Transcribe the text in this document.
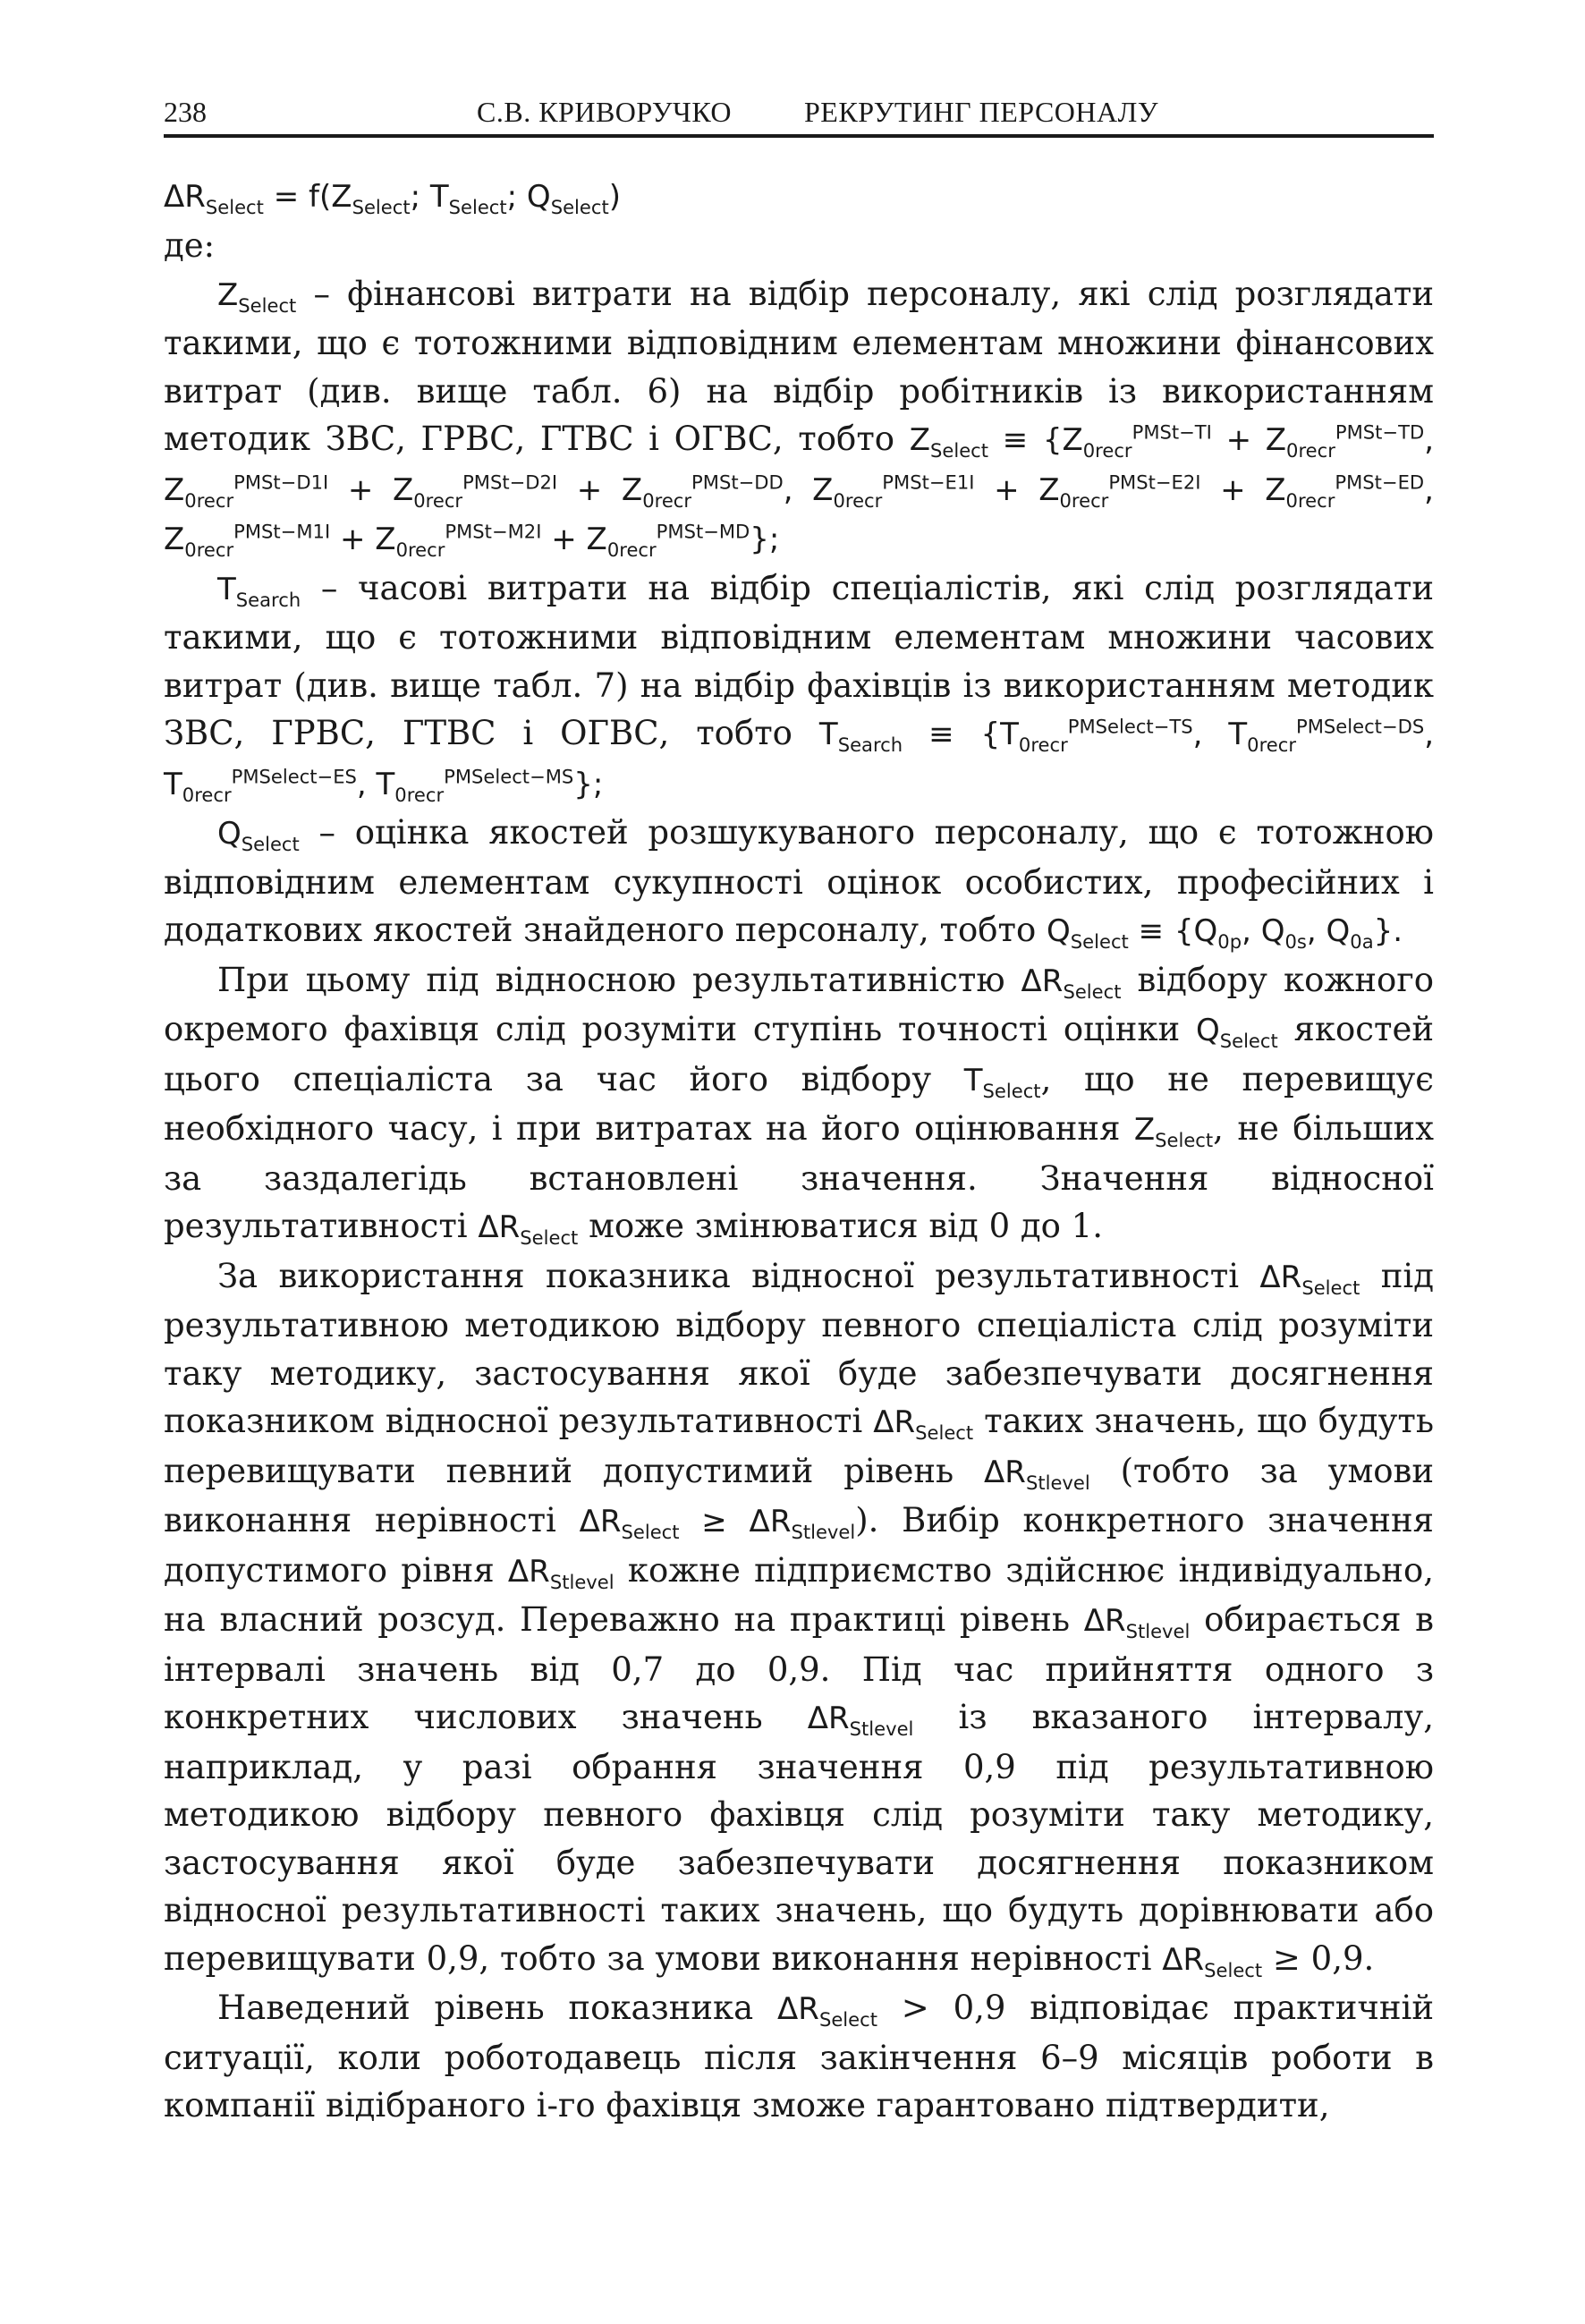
238	С.В. КРИВОРУЧКО	РЕКРУТИНГ ПЕРСОНАЛУ

$\Delta R_{Select} = f(Z_{Select}$; $T_{Select}$; $Q_{Select}$)

де:

$Z_{Select}$ – фінансові витрати на відбір персоналу, які слід розглядати такими, що є тотожними відповідним елементам множини фінансових витрат (див. вище табл. 6) на відбір робітників із використанням методик ЗВС, ГРВС, ГТВС і ОГВС, тобто $Z_{Select} \equiv \{Z_{0recr}^{PMSt-TI} + Z_{0recr}^{PMSt-TD}$, $Z_{0recr}^{PMSt-D1I} + Z_{0recr}^{PMSt-D2I} + Z_{0recr}^{PMSt-DD}$, $Z_{0recr}^{PMSt-E1I} + Z_{0recr}^{PMSt-E2I} + Z_{0recr}^{PMSt-ED}$, $Z_{0recr}^{PMSt-M1I} + Z_{0recr}^{PMSt-M2I} + Z_{0recr}^{PMSt-MD}$};

$T_{Search}$ – часові витрати на відбір спеціалістів, які слід розглядати такими, що є тотожними відповідним елементам множини часових витрат (див. вище табл. 7) на відбір фахівців із використанням методик ЗВС, ГРВС, ГТВС і ОГВС, тобто $T_{Search} \equiv \{T_{0recr}^{PMSelect-TS}$, $T_{0recr}^{PMSelect-DS}$, $T_{0recr}^{PMSelect-ES}$, $T_{0recr}^{PMSelect-MS}$};

$Q_{Select}$ – оцінка якостей розшукуваного персоналу, що є тотожною відповідним елементам сукупності оцінок особистих, професійних і додаткових якостей знайденого персоналу, тобто $Q_{Select} \equiv \{Q_{0p}$, $Q_{0s}$, $Q_{0a}$}.

При цьому під відносною результативністю $\Delta R_{Select}$ відбору кожного окремого фахівця слід розуміти ступінь точності оцінки $Q_{Select}$ якостей цього спеціаліста за час його відбору $T_{Select}$, що не перевищує необхідного часу, і при витратах на його оцінювання $Z_{Select}$, не більших за заздалегідь встановлені значення. Значення відносної результативності $\Delta R_{Select}$ може змінюватися від 0 до 1.

За використання показника відносної результативності $\Delta R_{Select}$ під результативною методикою відбору певного спеціаліста слід розуміти таку методику, застосування якої буде забезпечувати досягнення показником відносної результативності $\Delta R_{Select}$ таких значень, що будуть перевищувати певний допустимий рівень $\Delta R_{Stlevel}$ (тобто за умови виконання нерівності $\Delta R_{Select} \ge \Delta R_{Stlevel}$). Вибір конкретного значення допустимого рівня $\Delta R_{Stlevel}$ кожне підприємство здійснює індивідуально, на власний розсуд. Переважно на практиці рівень $\Delta R_{Stlevel}$ обирається в інтервалі значень від 0,7 до 0,9. Під час прийняття одного з конкретних числових значень $\Delta R_{Stlevel}$ із вказаного інтервалу, наприклад, у разі обрання значення 0,9 під результативною методикою відбору певного фахівця слід розуміти таку методику, застосування якої буде забезпечувати досягнення показником відносної результативності таких значень, що будуть дорівнювати або перевищувати 0,9, тобто за умови виконання нерівності $\Delta R_{Select} \ge 0,9$.

Наведений рівень показника $\Delta R_{Select} > 0,9$ відповідає практичній ситуації, коли роботодавець після закінчення 6–9 місяців роботи в компанії відібраного і-го фахівця зможе гарантовано підтвердити,
